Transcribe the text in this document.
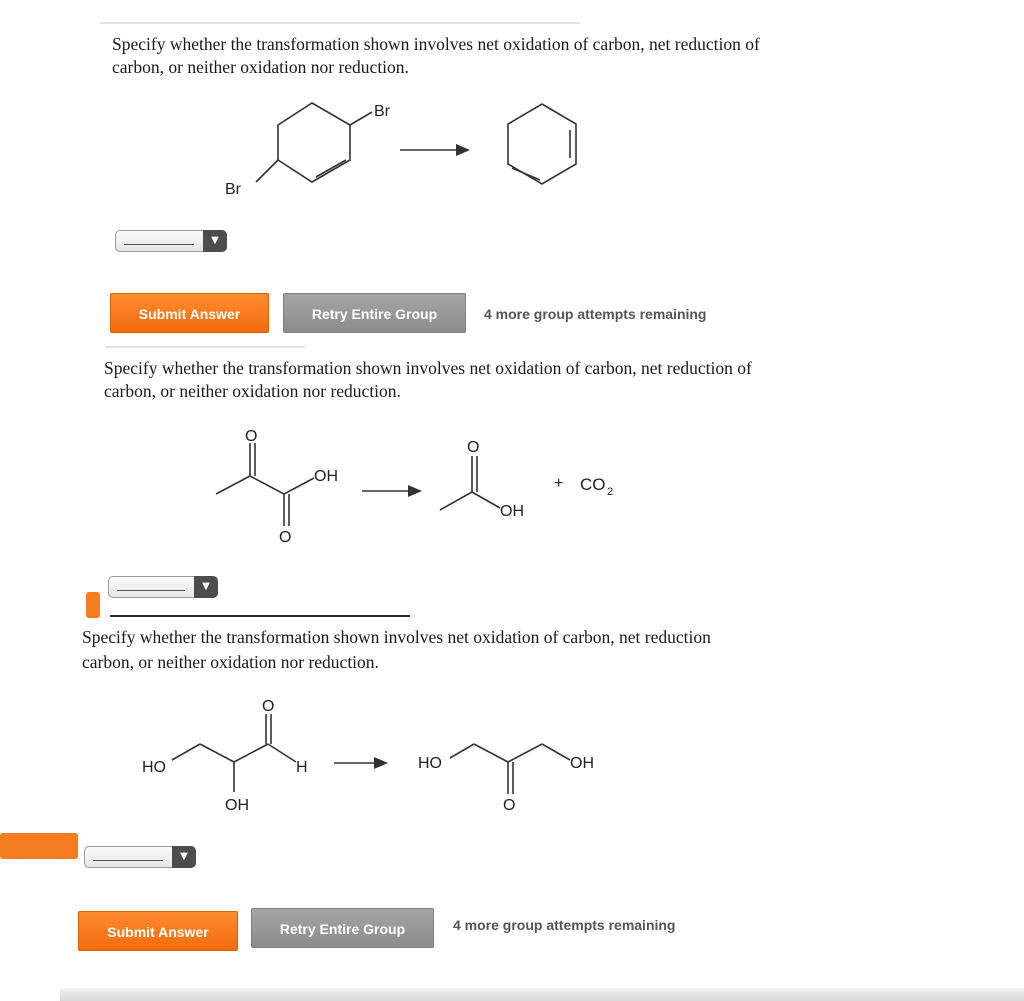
Specify whether the transformation shown involves net oxidation of carbon, net reduction of
carbon, or neither oxidation nor reduction.
Br
Br
O
OH
O
O
OH
+ CO 2
O
HO	H
OH
HO	OH
O
▼
Submit Answer	Retry Entire Group	4 more group attempts remaining
Specify whether the transformation shown involves net oxidation of carbon, net reduction of
carbon, or neither oxidation nor reduction.
▼
Specify whether the transformation shown involves net oxidation of carbon, net reduction
carbon, or neither oxidation nor reduction.
▼
Submit Answer	Retry Entire Group	4 more group attempts remaining
